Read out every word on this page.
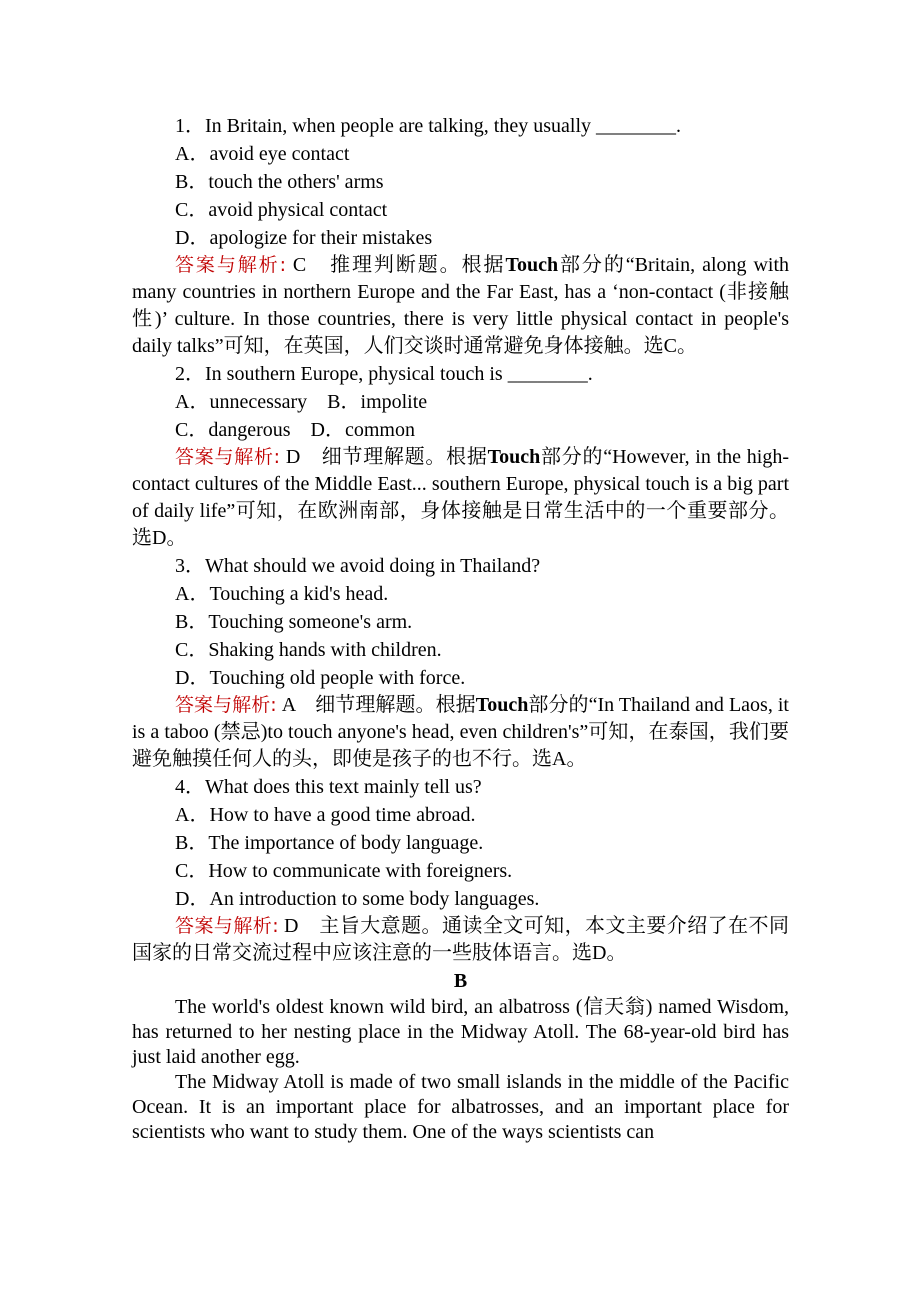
1．In Britain, when people are talking, they usually ________.
A．avoid eye contact
B．touch the others' arms
C．avoid physical contact
D．apologize for their mistakes

答案与解析: C　推理判断题。根据Touch部分的“Britain, along with many countries in northern Europe and the Far East, has a ‘non-contact (非接触性)’ culture. In those countries, there is very little physical contact in people's daily talks”可知，在英国，人们交谈时通常避免身体接触。选C。

2．In southern Europe, physical touch is ________.
A．unnecessary　B．impolite
C．dangerous　D．common

答案与解析: D　细节理解题。根据Touch部分的“However, in the high-contact cultures of the Middle East... southern Europe, physical touch is a big part of daily life”可知，在欧洲南部，身体接触是日常生活中的一个重要部分。选D。

3．What should we avoid doing in Thailand?
A．Touching a kid's head.
B．Touching someone's arm.
C．Shaking hands with children.
D．Touching old people with force.

答案与解析: A　细节理解题。根据Touch部分的“In Thailand and Laos, it is a taboo (禁忌)to touch anyone's head, even children's”可知，在泰国，我们要避免触摸任何人的头，即使是孩子的也不行。选A。

4．What does this text mainly tell us?
A．How to have a good time abroad.
B．The importance of body language.
C．How to communicate with foreigners.
D．An introduction to some body languages.

答案与解析: D　主旨大意题。通读全文可知，本文主要介绍了在不同国家的日常交流过程中应该注意的一些肢体语言。选D。

B

The world's oldest known wild bird, an albatross (信天翁) named Wisdom, has returned to her nesting place in the Midway Atoll. The 68-year-old bird has just laid another egg.

The Midway Atoll is made of two small islands in the middle of the Pacific Ocean. It is an important place for albatrosses, and an important place for scientists who want to study them. One of the ways scientists can
